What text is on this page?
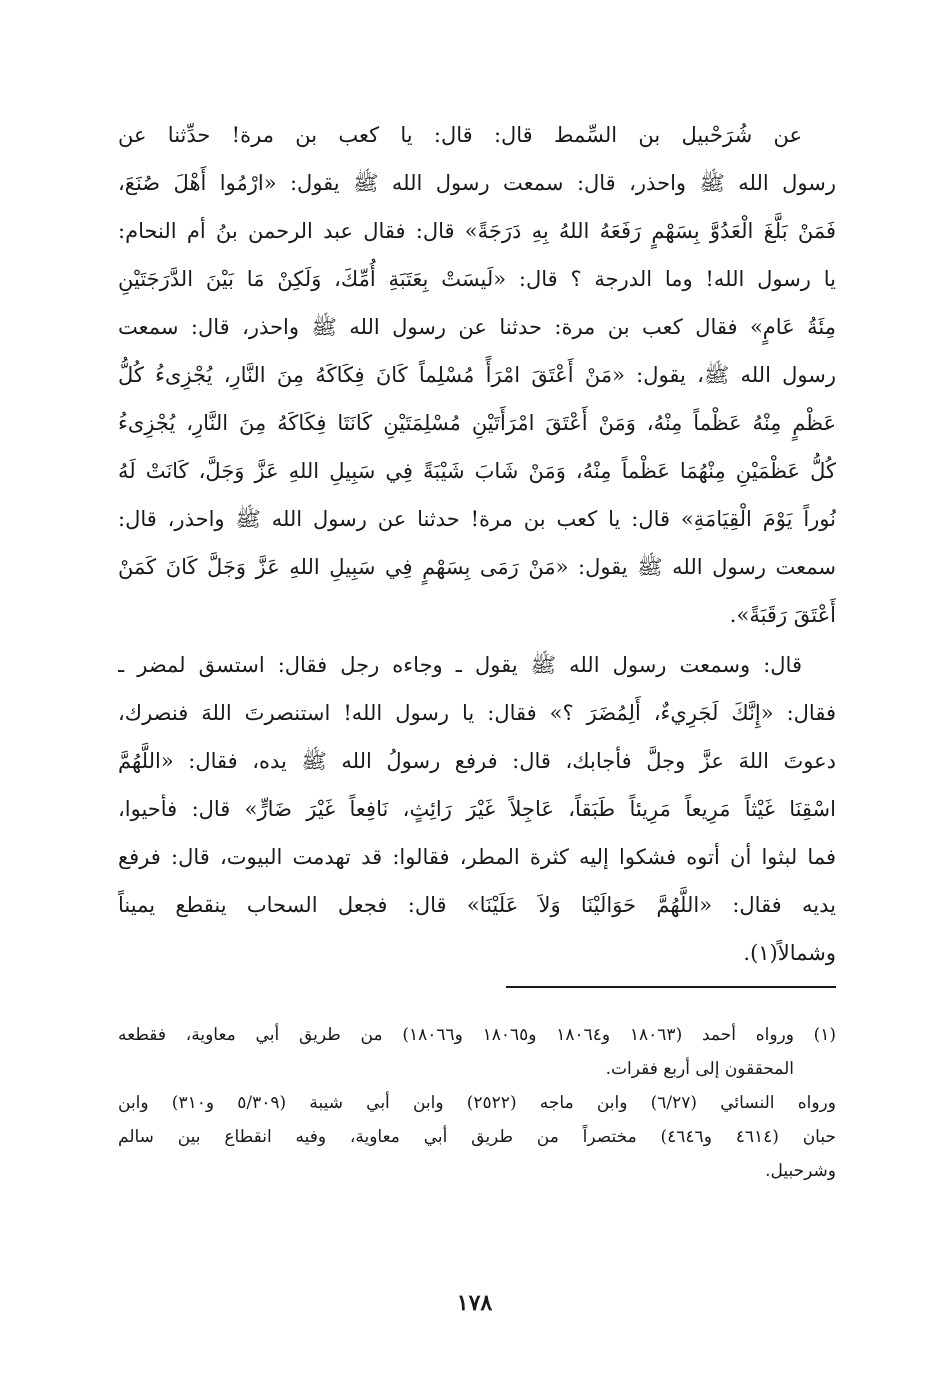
عن شُرَحْبيل بن السِّمط قال: قال: يا كعب بن مرة! حدِّثنا عن
رسول الله ﷺ واحذر، قال: سمعت رسول الله ﷺ يقول: «ارْمُوا أَهْلَ صُنَعَ،
فَمَنْ بَلَّغَ الْعَدُوَّ بِسَهْمٍ رَفَعَهُ اللهُ بِهِ دَرَجَةً» قال: فقال عبد الرحمن بنُ أم النحام:
يا رسول الله! وما الدرجة ؟ قال: «لَيسَتْ بِعَتَبَةِ أُمِّكَ، وَلَكِنْ مَا بَيْنَ الدَّرَجَتَيْنِ
مِئَةُ عَامٍ» فقال كعب بن مرة: حدثنا عن رسول الله ﷺ واحذر، قال: سمعت
رسول الله ﷺ، يقول: «مَنْ أَعْتَقَ امْرَأً مُسْلِماً كَانَ فِكَاكَهُ مِنَ النَّارِ، يُجْزِىءُ كُلُّ
عَظْمٍ مِنْهُ عَظْماً مِنْهُ، وَمَنْ أَعْتَقَ امْرَأَتَيْنِ مُسْلِمَتَيْنِ كَانَتَا فِكَاكَهُ مِنَ النَّارِ، يُجْزِىءُ
كُلُّ عَظْمَيْنِ مِنْهُمَا عَظْماً مِنْهُ، وَمَنْ شَابَ شَيْبَةً فِي سَبِيلِ اللهِ عَزَّ وَجَلَّ، كَانَتْ لَهُ
نُوراً يَوْمَ الْقِيَامَةِ» قال: يا كعب بن مرة! حدثنا عن رسول الله ﷺ واحذر، قال:
سمعت رسول الله ﷺ يقول: «مَنْ رَمَى بِسَهْمٍ فِي سَبِيلِ اللهِ عَزَّ وَجَلَّ كَانَ كَمَنْ
أَعْتَقَ رَقَبَةً».
قال: وسمعت رسول الله ﷺ يقول ـ وجاءه رجل فقال: استسق لمضر ـ
فقال: «إِنَّكَ لَجَرِيءٌ، أَلِمُضَرَ ؟» فقال: يا رسول الله! استنصرتَ اللهَ فنصرك،
دعوتَ اللهَ عزَّ وجلَّ فأجابك، قال: فرفع رسولُ الله ﷺ يده، فقال: «اللَّهُمَّ
اسْقِنَا غَيْثاً مَرِيعاً مَرِيئاً طَبَقاً، عَاجِلاً غَيْرَ رَائِثٍ، نَافِعاً غَيْرَ ضَارٍّ» قال: فأحيوا،
فما لبثوا أن أتوه فشكوا إليه كثرة المطر، فقالوا: قد تهدمت البيوت، قال: فرفع
يديه فقال: «اللَّهُمَّ حَوَالَيْنَا وَلاَ عَلَيْنَا» قال: فجعل السحاب ينقطع يميناً
وشمالاً(١).
(١)
ورواه أحمد (١٨٠٦٣ و١٨٠٦٤ و١٨٠٦٥ و١٨٠٦٦) من طريق أبي معاوية، فقطعه
المحققون إلى أربع فقرات.
ورواه النسائي (٦/٢٧) وابن ماجه (٢٥٢٢) وابن أبي شيبة (٥/٣٠٩ و٣١٠) وابن
حبان (٤٦١٤ و٤٦٤٦) مختصراً من طريق أبي معاوية، وفيه انقطاع بين سالم
وشرحبيل.
١٧٨
